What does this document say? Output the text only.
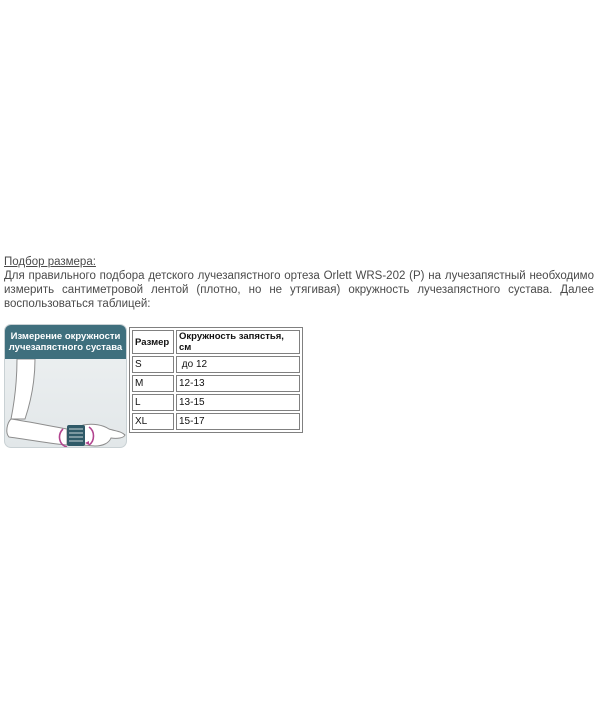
Подбор размера:
Для правильного подбора детского лучезапястного ортеза Orlett WRS-202 (P) на лучезапястный необходимо измерить сантиметровой лентой (плотно, но не утягивая) окружность лучезапястного сустава. Далее воспользоваться таблицей:
Измерение окружности
лучезапястного сустава	Размер	Окружность запястья, см
S	до 12
M	12-13
L	13-15
XL	15-17
